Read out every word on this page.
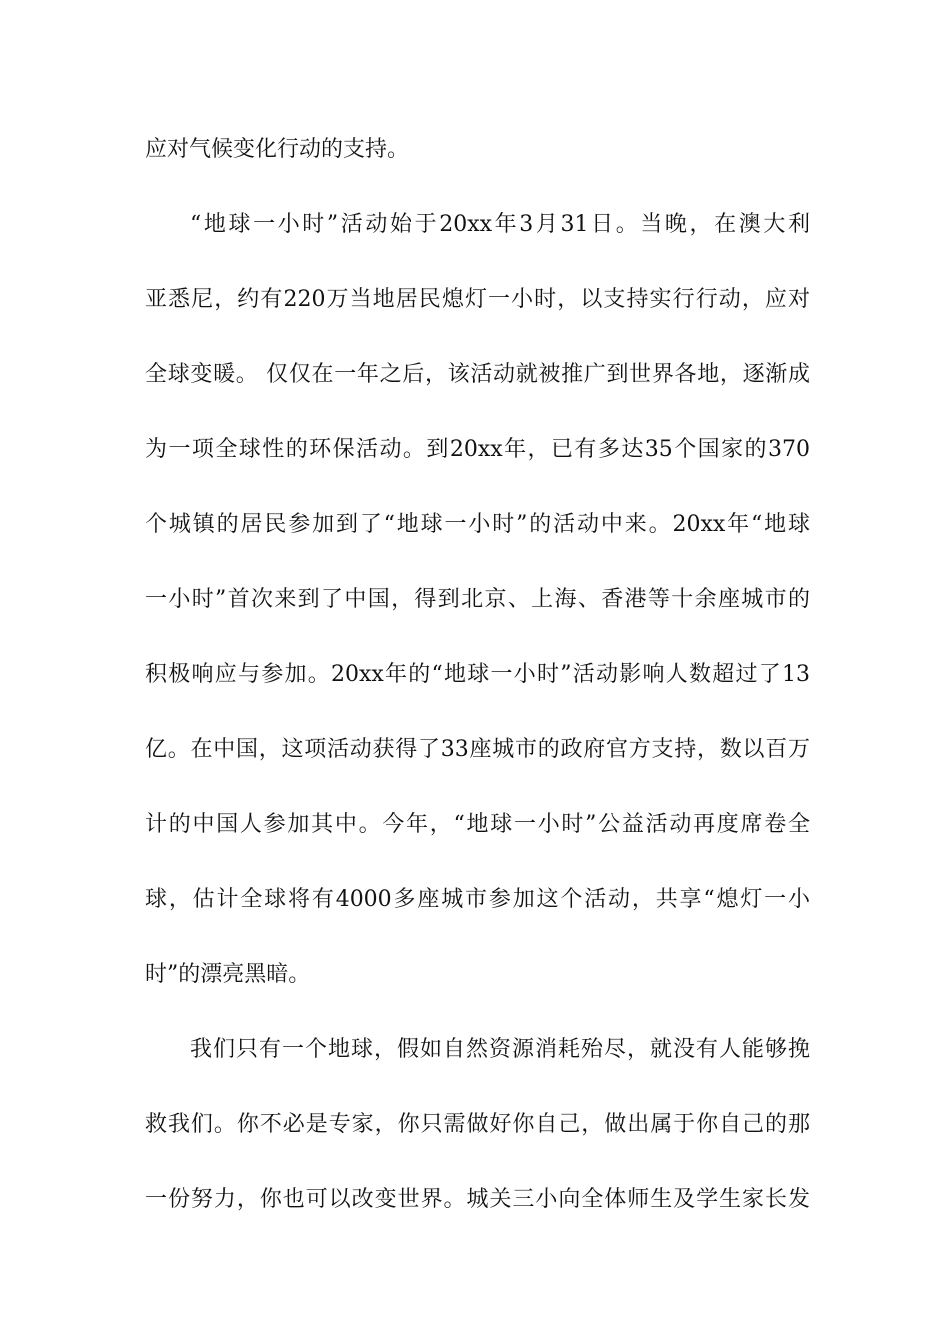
应对气候变化行动的支持。
“地球一小时”活动始于20xx年3月31日。当晚，在澳大利
亚悉尼，约有220万当地居民熄灯一小时，以支持实行行动，应对
全球变暖。 仅仅在一年之后，该活动就被推广到世界各地，逐渐成
为一项全球性的环保活动。到20xx年，已有多达35个国家的370
个城镇的居民参加到了“地球一小时”的活动中来。20xx年“地球
一小时”首次来到了中国，得到北京、上海、香港等十余座城市的
积极响应与参加。20xx年的“地球一小时”活动影响人数超过了13
亿。在中国，这项活动获得了33座城市的政府官方支持，数以百万
计的中国人参加其中。今年，“地球一小时”公益活动再度席卷全
球，估计全球将有4000多座城市参加这个活动，共享“熄灯一小
时”的漂亮黑暗。
我们只有一个地球，假如自然资源消耗殆尽，就没有人能够挽
救我们。你不必是专家，你只需做好你自己，做出属于你自己的那
一份努力，你也可以改变世界。城关三小向全体师生及学生家长发
